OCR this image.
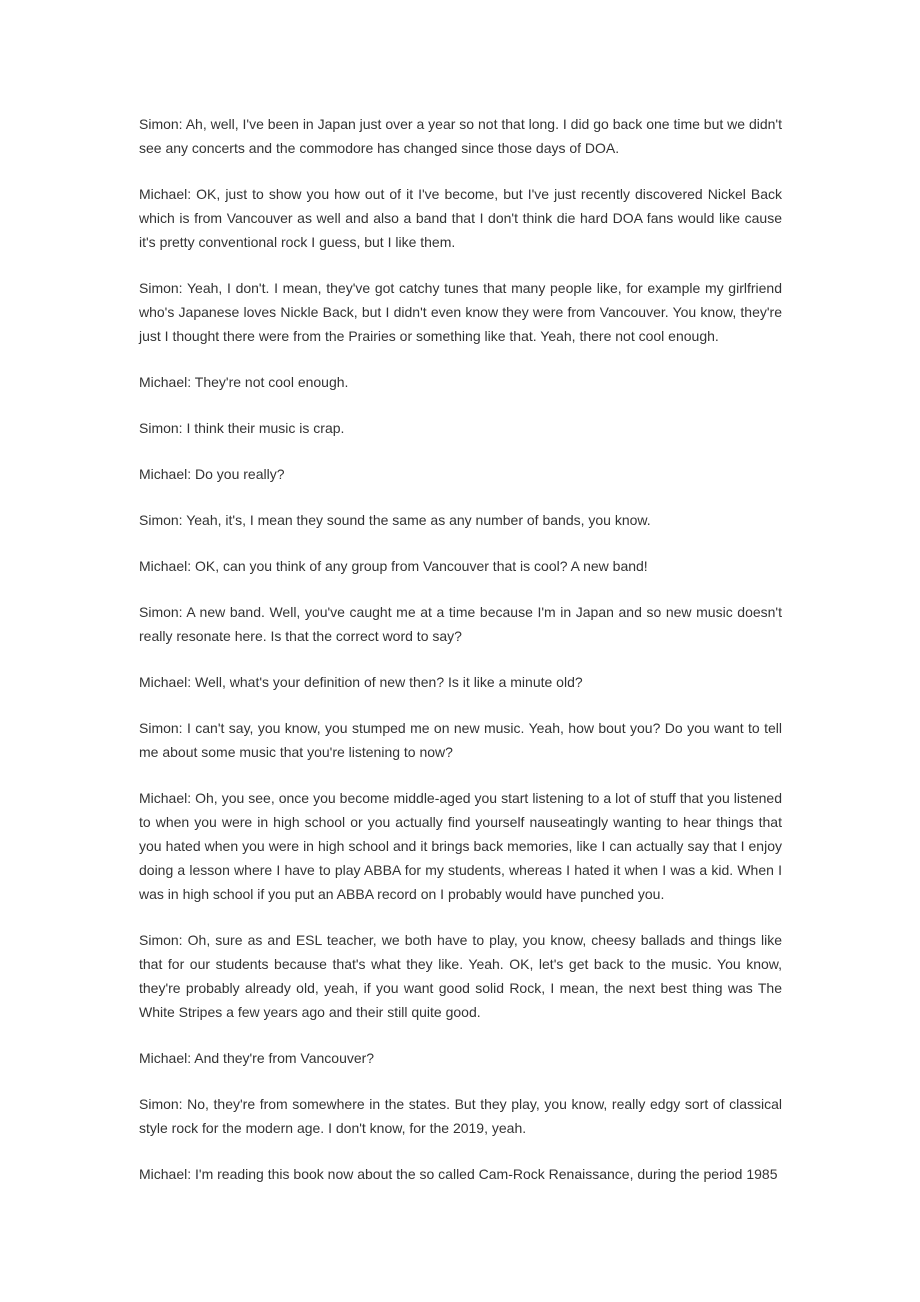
Simon: Ah, well, I've been in Japan just over a year so not that long. I did go back one time but we didn't see any concerts and the commodore has changed since those days of DOA.

Michael: OK, just to show you how out of it I've become, but I've just recently discovered Nickel Back which is from Vancouver as well and also a band that I don't think die hard DOA fans would like cause it's pretty conventional rock I guess, but I like them.

Simon: Yeah, I don't. I mean, they've got catchy tunes that many people like, for example my girlfriend who's Japanese loves Nickle Back, but I didn't even know they were from Vancouver. You know, they're just I thought there were from the Prairies or something like that. Yeah, there not cool enough.

Michael: They're not cool enough.

Simon: I think their music is crap.

Michael: Do you really?

Simon: Yeah, it's, I mean they sound the same as any number of bands, you know.

Michael: OK, can you think of any group from Vancouver that is cool? A new band!

Simon: A new band. Well, you've caught me at a time because I'm in Japan and so new music doesn't really resonate here. Is that the correct word to say?

Michael: Well, what's your definition of new then? Is it like a minute old?

Simon: I can't say, you know, you stumped me on new music. Yeah, how bout you? Do you want to tell me about some music that you're listening to now?

Michael: Oh, you see, once you become middle-aged you start listening to a lot of stuff that you listened to when you were in high school or you actually find yourself nauseatingly wanting to hear things that you hated when you were in high school and it brings back memories, like I can actually say that I enjoy doing a lesson where I have to play ABBA for my students, whereas I hated it when I was a kid. When I was in high school if you put an ABBA record on I probably would have punched you.

Simon: Oh, sure as and ESL teacher, we both have to play, you know, cheesy ballads and things like that for our students because that's what they like. Yeah. OK, let's get back to the music. You know, they're probably already old, yeah, if you want good solid Rock, I mean, the next best thing was The White Stripes a few years ago and their still quite good.

Michael: And they're from Vancouver?

Simon: No, they're from somewhere in the states. But they play, you know, really edgy sort of classical style rock for the modern age. I don't know, for the 2019, yeah.

Michael: I'm reading this book now about the so called Cam-Rock Renaissance, during the period 1985
